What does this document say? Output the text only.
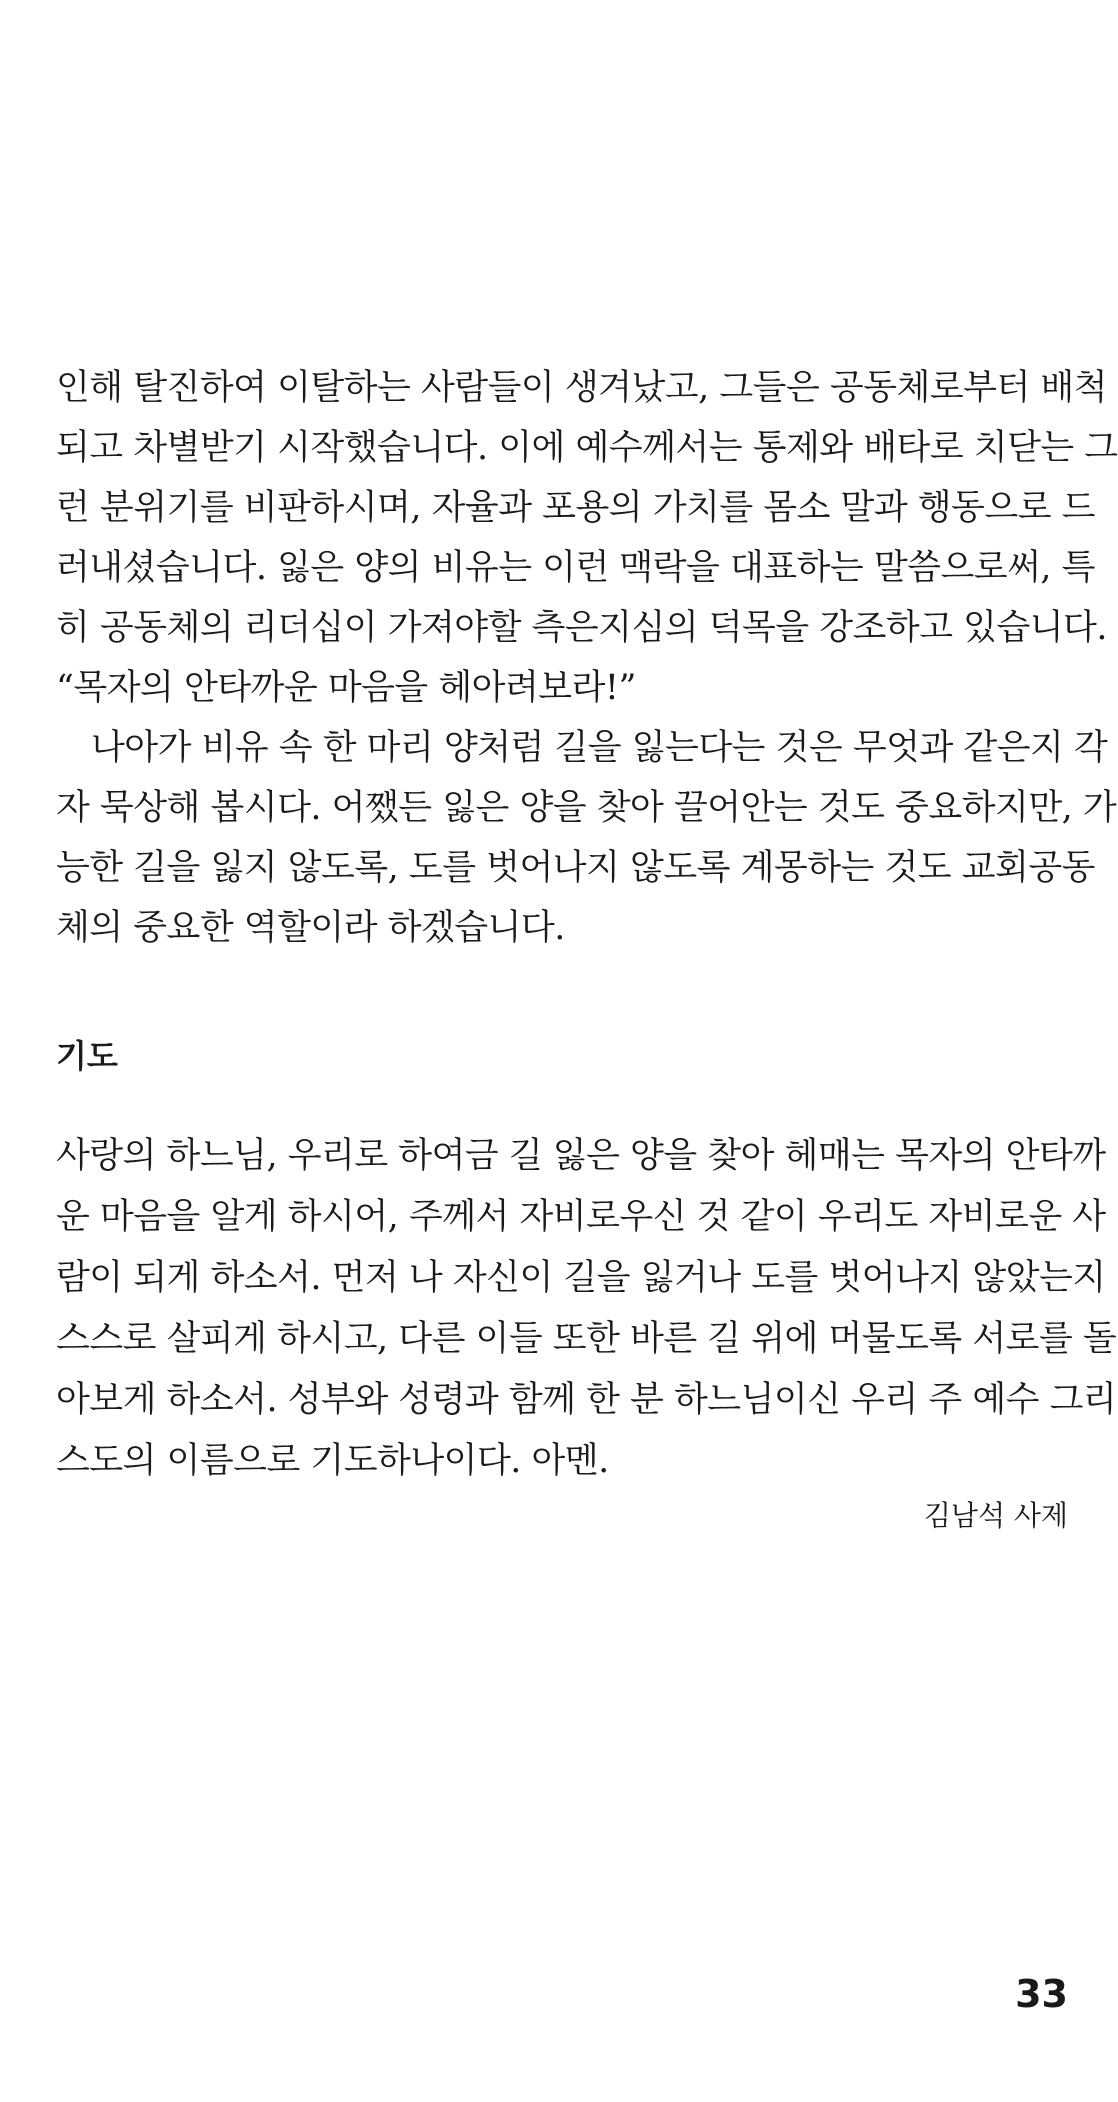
인해 탈진하여 이탈하는 사람들이 생겨났고, 그들은 공동체로부터 배척
되고 차별받기 시작했습니다. 이에 예수께서는 통제와 배타로 치닫는 그
런 분위기를 비판하시며, 자율과 포용의 가치를 몸소 말과 행동으로 드
러내셨습니다. 잃은 양의 비유는 이런 맥락을 대표하는 말씀으로써, 특
히 공동체의 리더십이 가져야할 측은지심의 덕목을 강조하고 있습니다.
“목자의 안타까운 마음을 헤아려보라!”
나아가 비유 속 한 마리 양처럼 길을 잃는다는 것은 무엇과 같은지 각
자 묵상해 봅시다. 어쨌든 잃은 양을 찾아 끌어안는 것도 중요하지만, 가
능한 길을 잃지 않도록, 도를 벗어나지 않도록 계몽하는 것도 교회공동
체의 중요한 역할이라 하겠습니다.
기도
사랑의 하느님, 우리로 하여금 길 잃은 양을 찾아 헤매는 목자의 안타까
운 마음을 알게 하시어, 주께서 자비로우신 것 같이 우리도 자비로운 사
람이 되게 하소서. 먼저 나 자신이 길을 잃거나 도를 벗어나지 않았는지
스스로 살피게 하시고, 다른 이들 또한 바른 길 위에 머물도록 서로를 돌
아보게 하소서. 성부와 성령과 함께 한 분 하느님이신 우리 주 예수 그리
스도의 이름으로 기도하나이다. 아멘.
김남석 사제
33
